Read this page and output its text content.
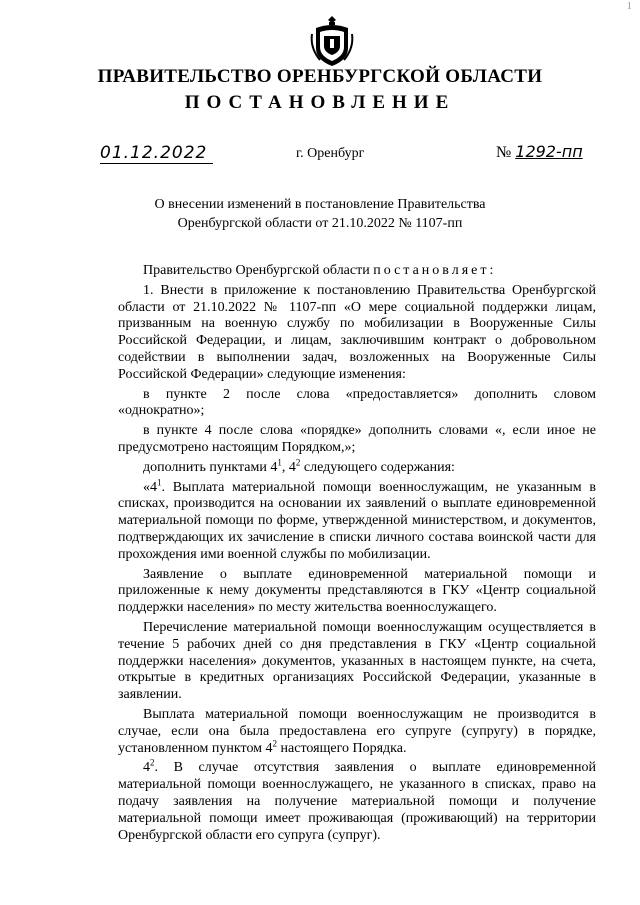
1
ПРАВИТЕЛЬСТВО ОРЕНБУРГСКОЙ ОБЛАСТИ
ПОСТАНОВЛЕНИЕ
01.12.2022	г. Оренбург	№ 1292-пп
О внесении изменений в постановление Правительства
Оренбургской области от 21.10.2022 № 1107-пп

Правительство Оренбургской области постановляет:

1. Внести в приложение к постановлению Правительства Оренбургской области от 21.10.2022 № 1107-пп «О мере социальной поддержки лицам, призванным на военную службу по мобилизации в Вооруженные Силы Российской Федерации, и лицам, заключившим контракт о добровольном содействии в выполнении задач, возложенных на Вооруженные Силы Российской Федерации» следующие изменения:

в пункте 2 после слова «предоставляется» дополнить словом «однократно»;

в пункте 4 после слова «порядке» дополнить словами «, если иное не предусмотрено настоящим Порядком,»;

дополнить пунктами $4^1$, $4^2$ следующего содержания:

«$4^1$. Выплата материальной помощи военнослужащим, не указанным в списках, производится на основании их заявлений о выплате единовременной материальной помощи по форме, утвержденной министерством, и документов, подтверждающих их зачисление в списки личного состава воинской части для прохождения ими военной службы по мобилизации.

Заявление о выплате единовременной материальной помощи и приложенные к нему документы представляются в ГКУ «Центр социальной поддержки населения» по месту жительства военнослужащего.

Перечисление материальной помощи военнослужащим осуществляется в течение 5 рабочих дней со дня представления в ГКУ «Центр социальной поддержки населения» документов, указанных в настоящем пункте, на счета, открытые в кредитных организациях Российской Федерации, указанные в заявлении.

Выплата материальной помощи военнослужащим не производится в случае, если она была предоставлена его супруге (супругу) в порядке, установленном пунктом $4^2$ настоящего Порядка.

$4^2$. В случае отсутствия заявления о выплате единовременной материальной помощи военнослужащего, не указанного в списках, право на подачу заявления на получение материальной помощи и получение материальной помощи имеет проживающая (проживающий) на территории Оренбургской области его супруга (супруг).
